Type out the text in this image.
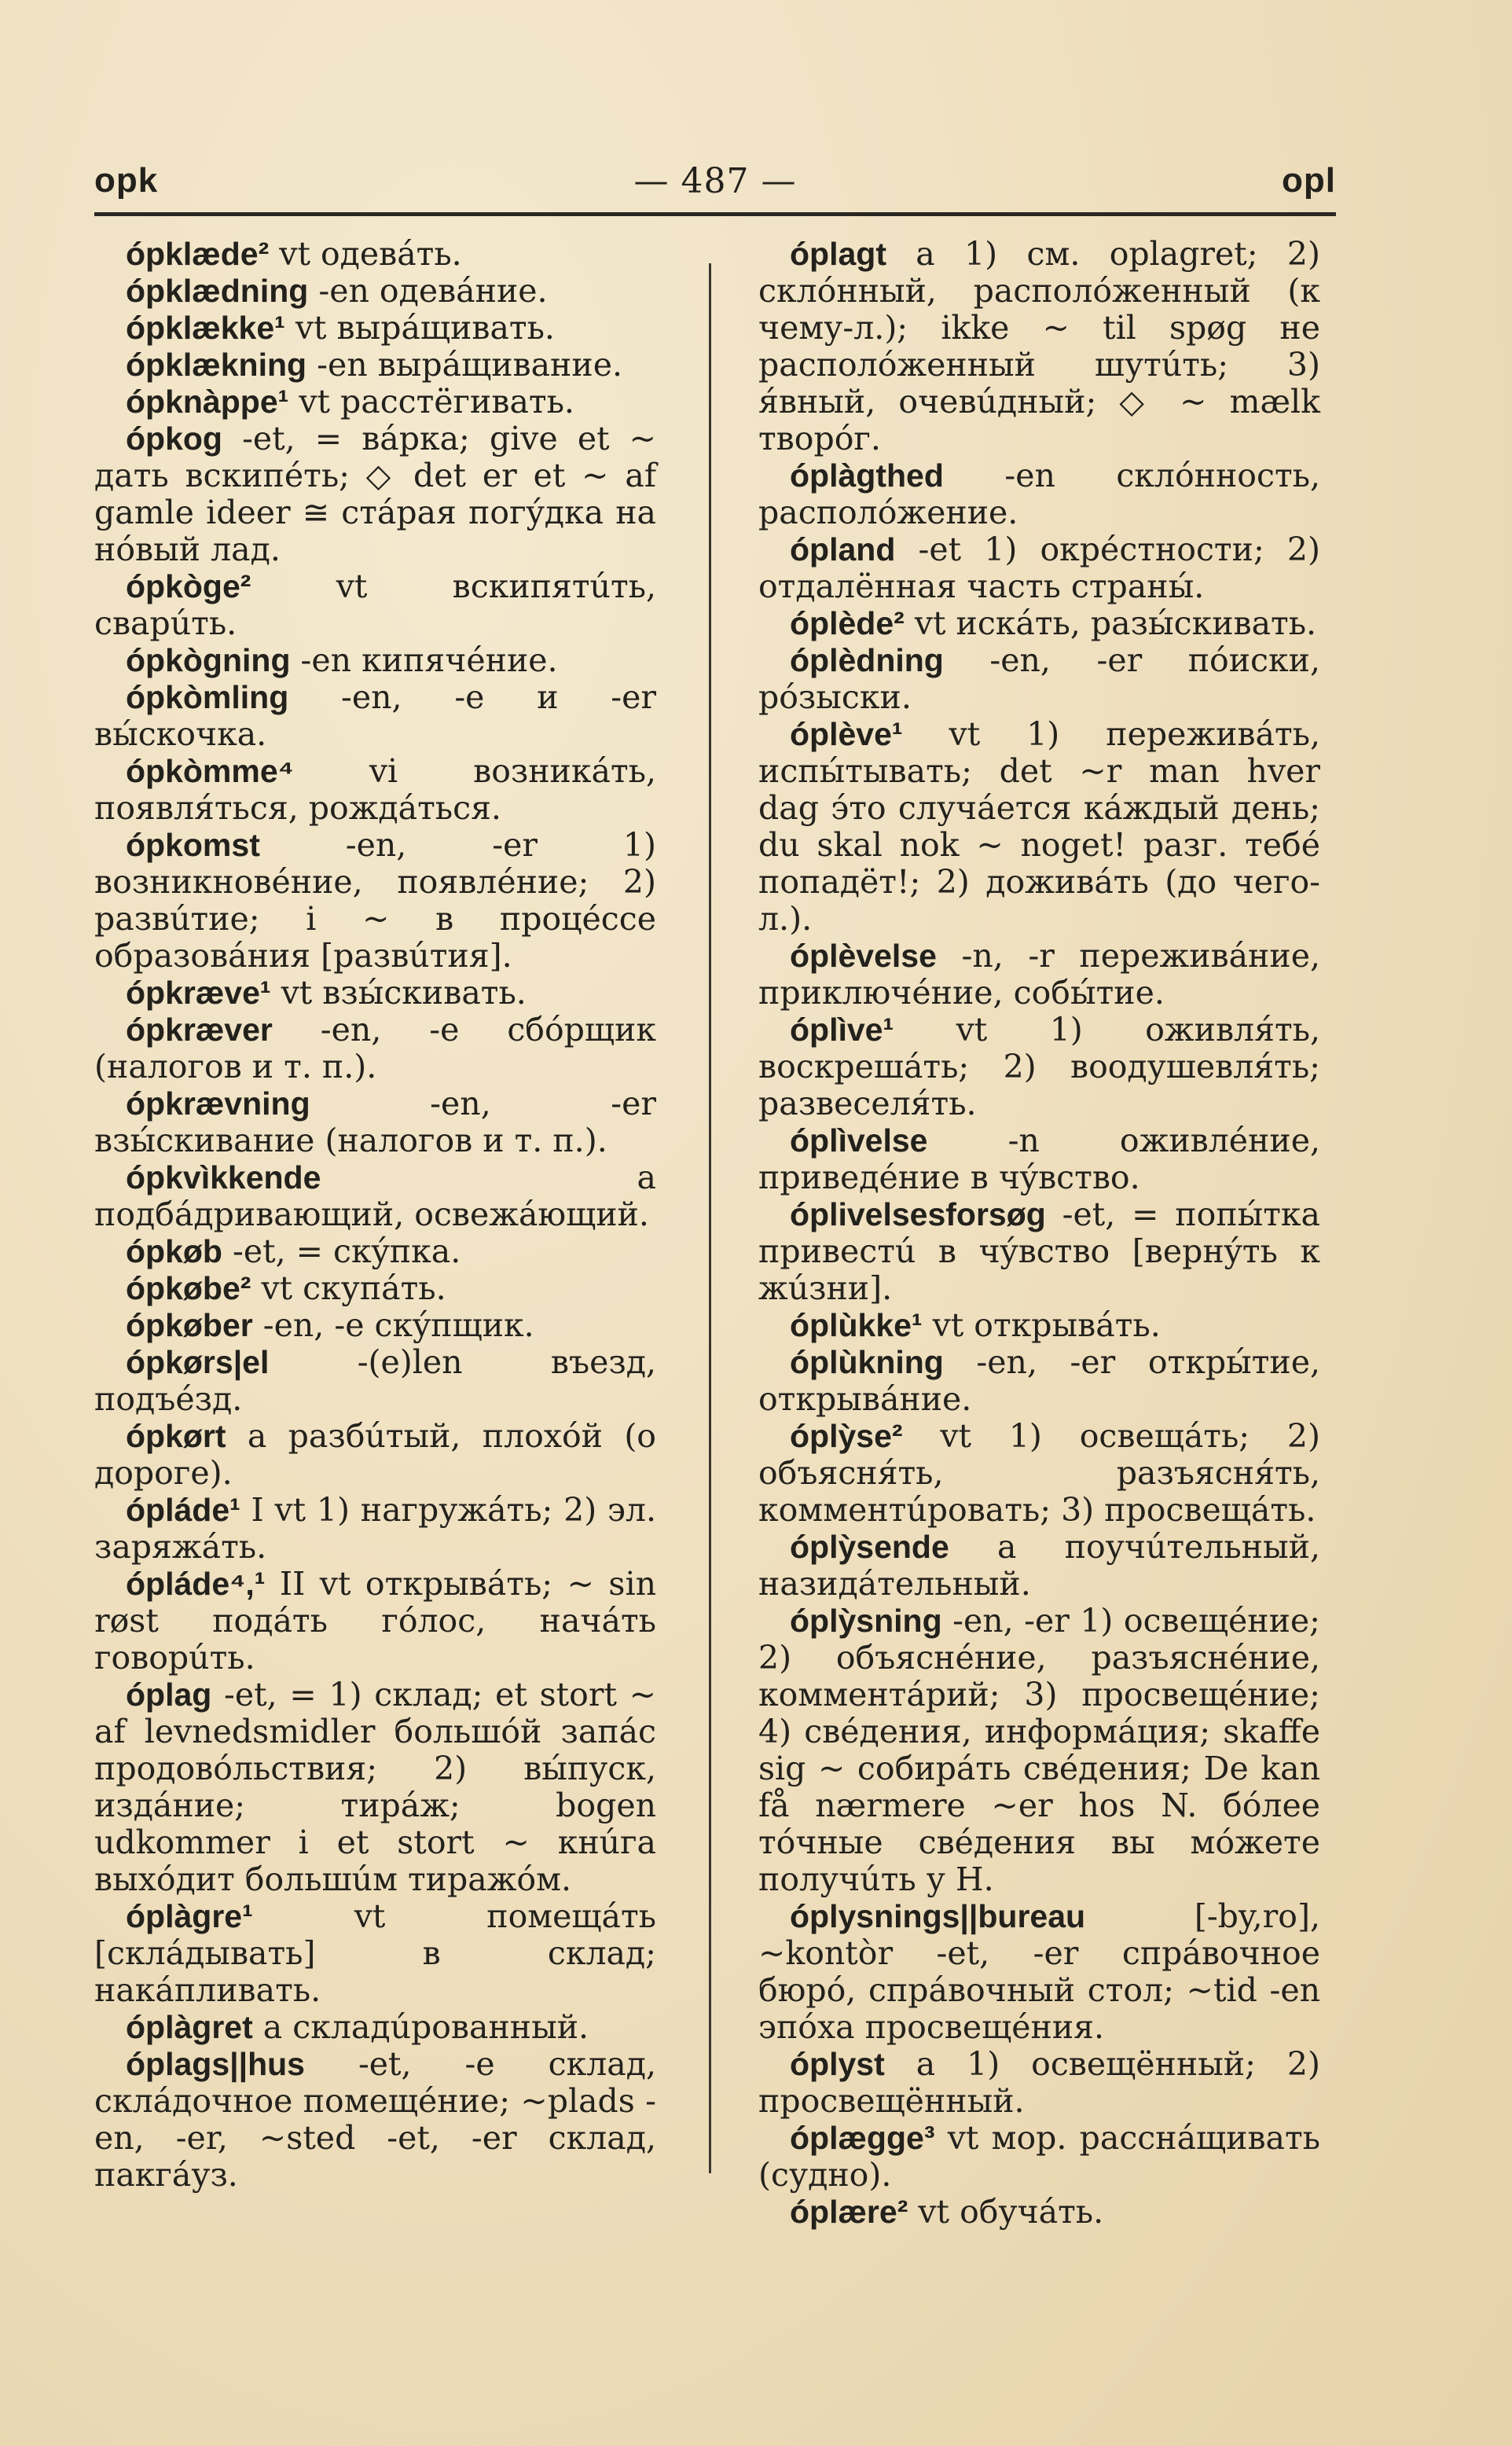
opk	— 487 —	opl

ópklæde² vt одевáть.

ópklædning -en одевáние.

ópklække¹ vt вырáщивать.

ópklækning -en вырáщивание.

ópknàppe¹ vt расстёгивать.

ópkog -et, = вáрка; give et ~ дать вскипéть; ◇ det er et ~ af gamle ideer ≅ стáрая погýдка на нóвый лад.

ópkòge² vt вскипятúть, сварúть.

ópkògning -en кипячéние.

ópkòmling -en, -e и -er вы́скочка.

ópkòmme⁴ vi возникáть, появля́ться, рождáться.

ópkomst -en, -er 1) возникновéние, появлéние; 2) развúтие; i ~ в процéссе образовáния [развúтия].

ópkræve¹ vt взы́скивать.

ópkræver -en, -e сбóрщик (налогов и т. п.).

ópkrævning -en, -er взы́скивание (налогов и т. п.).

ópkvìkkende a подбáдривающий, освежáющий.

ópkøb -et, = скýпка.

ópkøbe² vt скупáть.

ópkøber -en, -e скýпщик.

ópkørs|el -(e)len въезд, подъéзд.

ópkørt a разбúтый, плохóй (о дороге).

ópláde¹ I vt 1) нагружáть; 2) эл. заряжáть.

ópláde⁴,¹ II vt открывáть; ~ sin røst подáть гóлос, начáть говорúть.

óplag -et, = 1) склад; et stort ~ af levnedsmidler большóй запáс продовóльствия; 2) вы́пуск, издáние; тирáж; bogen udkommer i et stort ~ кнúга выхóдит большúм тиражóм.

óplàgre¹ vt помещáть [склáдывать] в склад; накáпливать.

óplàgret a складúрованный.

óplags||hus -et, -e склад, склáдочное помещéние; ~plads -en, -er, ~sted -et, -er склад, пакгáуз.

óplagt a 1) см. oplagret; 2) склóнный, располóженный (к чему-л.); ikke ~ til spøg не располóженный шутúть; 3) я́вный, очевúдный; ◇ ~ mælk творóг.

óplàgthed -en склóнность, располóжение.

ópland -et 1) окрéстности; 2) отдалённая часть страны́.

óplède² vt искáть, разы́скивать.

óplèdning -en, -er пóиски, рóзыски.

óplève¹ vt 1) переживáть, испы́тывать; det ~r man hver dag э́то случáется кáждый день; du skal nok ~ noget! разг. тебé попадёт!; 2) доживáть (до чего-л.).

óplèvelse -n, -r переживáние, приключéние, собы́тие.

óplìve¹ vt 1) оживля́ть, воскрешáть; 2) воодушевля́ть; развеселя́ть.

óplìvelse -n оживлéние, приведéние в чýвство.

óplivelsesforsøg -et, = попы́тка привестú в чýвство [вернýть к жúзни].

óplùkke¹ vt открывáть.

óplùkning -en, -er откры́тие, открывáние.

óplỳse² vt 1) освещáть; 2) объясня́ть, разъясня́ть, комментúровать; 3) просвещáть.

óplỳsende a поучúтельный, назидáтельный.

óplỳsning -en, -er 1) освещéние; 2) объяснéние, разъяснéние, комментáрий; 3) просвещéние; 4) свéдения, информáция; skaffe sig ~ собирáть свéдения; De kan få nærmere ~er hos N. бóлее тóчные свéдения вы мóжете получúть у Н.

óplysnings||bureau [-by,ro], ~kontòr -et, -er спрáвочное бюрó, спрáвочный стол; ~tid -en эпóха просвещéния.

óplyst a 1) освещённый; 2) просвещённый.

óplægge³ vt мор. расснáщивать (судно).

óplære² vt обучáть.
